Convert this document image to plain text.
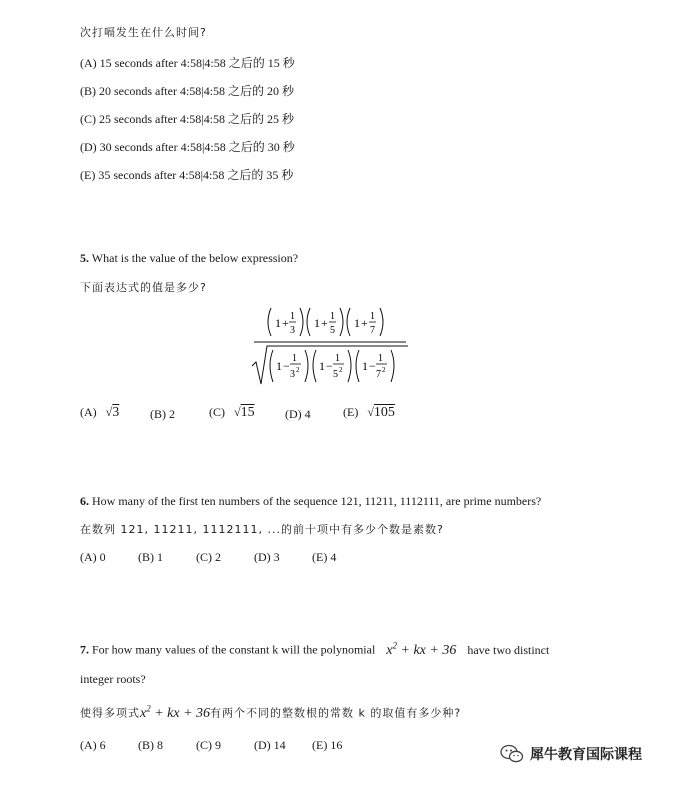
次打嗝发生在什么时间?
(A) 15 seconds after 4:58|4:58 之后的 15 秒
(B) 20 seconds after 4:58|4:58 之后的 20 秒
(C) 25 seconds after 4:58|4:58 之后的 25 秒
(D) 30 seconds after 4:58|4:58 之后的 30 秒
(E) 35 seconds after 4:58|4:58 之后的 35 秒
5. What is the value of the below expression?
下面表达式的值是多少?
1 + 1
3
1 + 1
5
1 + 1
7
1 −
1
3 2 1 −
1
5 2 1 −
1
7 2
(A) √3	(B) 2	(C) √15	(D) 4	(E) √105
6. How many of the first ten numbers of the sequence 121, 11211, 1112111, are prime numbers?
在数列 121, 11211, 1112111, ...的前十项中有多少个数是素数?
(A) 0	(B) 1	(C) 2	(D) 3	(E) 4
7. For how many values of the constant k will the polynomial $x^2$ + kx + 36 have two distinct
integer roots?
使得多项式$x^2$ + kx + 36有两个不同的整数根的常数 k 的取值有多少种?
(A) 6	(B) 8	(C) 9	(D) 14 (E) 16
犀牛教育国际课程
